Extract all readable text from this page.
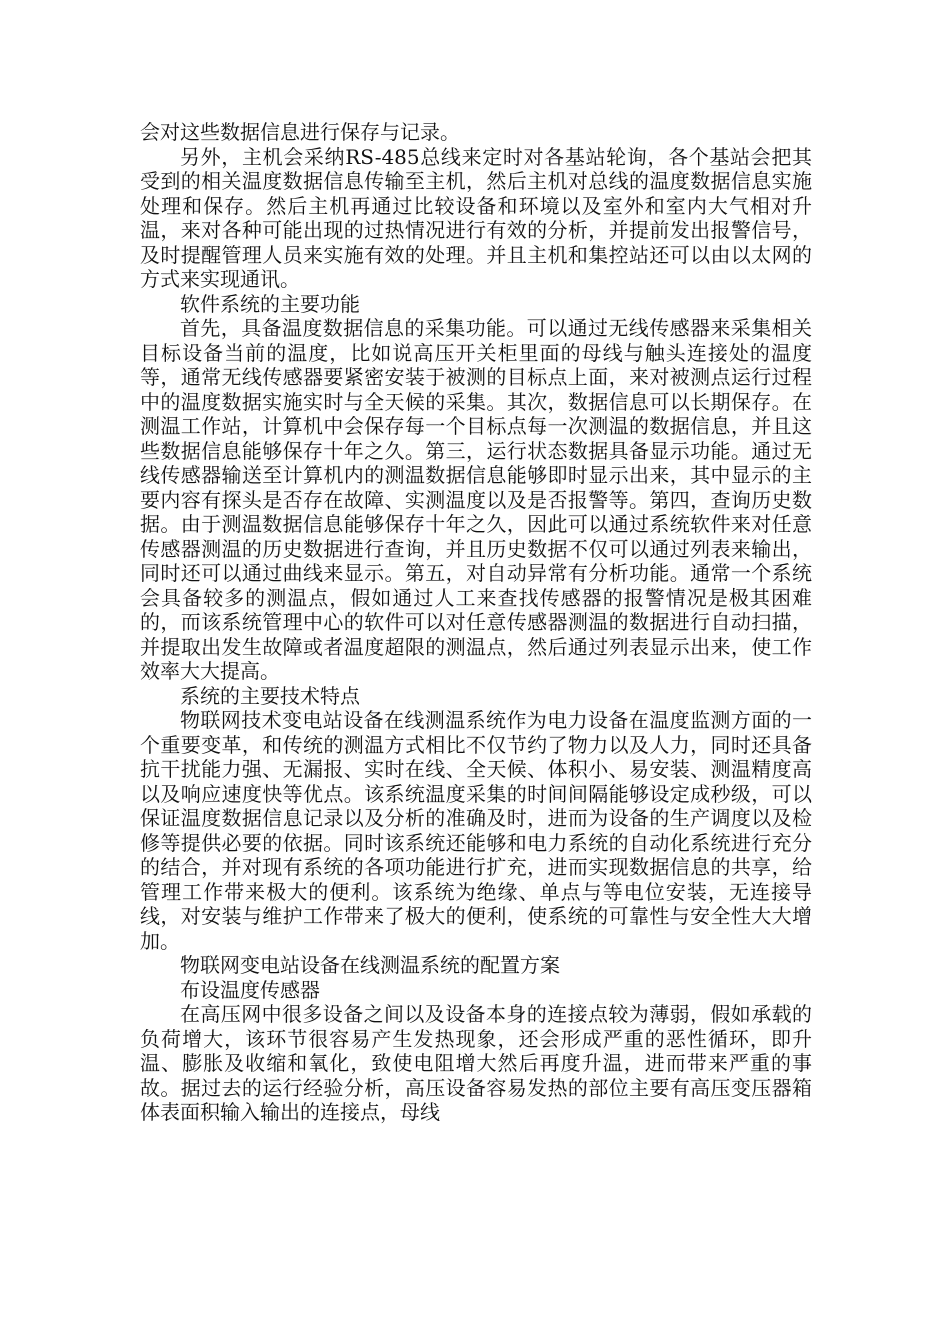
会对这些数据信息进行保存与记录。

另外，主机会采纳RS-485总线来定时对各基站轮询，各个基站会把其受到的相关温度数据信息传输至主机，然后主机对总线的温度数据信息实施处理和保存。然后主机再通过比较设备和环境以及室外和室内大气相对升温，来对各种可能出现的过热情况进行有效的分析，并提前发出报警信号，及时提醒管理人员来实施有效的处理。并且主机和集控站还可以由以太网的方式来实现通讯。

软件系统的主要功能

首先，具备温度数据信息的采集功能。可以通过无线传感器来采集相关目标设备当前的温度，比如说高压开关柜里面的母线与触头连接处的温度等，通常无线传感器要紧密安装于被测的目标点上面，来对被测点运行过程中的温度数据实施实时与全天候的采集。其次，数据信息可以长期保存。在测温工作站，计算机中会保存每一个目标点每一次测温的数据信息，并且这些数据信息能够保存十年之久。第三，运行状态数据具备显示功能。通过无线传感器输送至计算机内的测温数据信息能够即时显示出来，其中显示的主要内容有探头是否存在故障、实测温度以及是否报警等。第四，查询历史数据。由于测温数据信息能够保存十年之久，因此可以通过系统软件来对任意传感器测温的历史数据进行查询，并且历史数据不仅可以通过列表来输出，同时还可以通过曲线来显示。第五，对自动异常有分析功能。通常一个系统会具备较多的测温点，假如通过人工来查找传感器的报警情况是极其困难的，而该系统管理中心的软件可以对任意传感器测温的数据进行自动扫描，并提取出发生故障或者温度超限的测温点，然后通过列表显示出来，使工作效率大大提高。

系统的主要技术特点

物联网技术变电站设备在线测温系统作为电力设备在温度监测方面的一个重要变革，和传统的测温方式相比不仅节约了物力以及人力，同时还具备抗干扰能力强、无漏报、实时在线、全天候、体积小、易安装、测温精度高以及响应速度快等优点。该系统温度采集的时间间隔能够设定成秒级，可以保证温度数据信息记录以及分析的准确及时，进而为设备的生产调度以及检修等提供必要的依据。同时该系统还能够和电力系统的自动化系统进行充分的结合，并对现有系统的各项功能进行扩充，进而实现数据信息的共享，给管理工作带来极大的便利。该系统为绝缘、单点与等电位安装，无连接导线，对安装与维护工作带来了极大的便利，使系统的可靠性与安全性大大增加。

物联网变电站设备在线测温系统的配置方案
布设温度传感器

在高压网中很多设备之间以及设备本身的连接点较为薄弱，假如承载的负荷增大，该环节很容易产生发热现象，还会形成严重的恶性循环，即升温、膨胀及收缩和氧化，致使电阻增大然后再度升温，进而带来严重的事故。据过去的运行经验分析，高压设备容易发热的部位主要有高压变压器箱体表面积输入输出的连接点，母线
